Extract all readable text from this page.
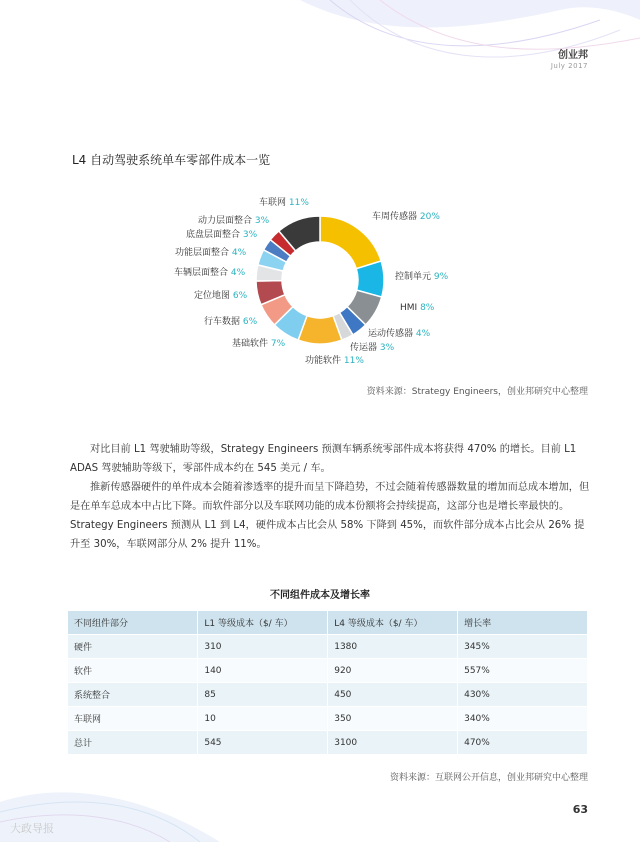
创业邦
July 2017
L4 自动驾驶系统单车零部件成本一览
车周传感器 20%
控制单元 9%
HMI 8%
运动传感器 4%
传运器 3%
功能软件 11%
基础软件 7%
行车数据 6%
定位地图 6%
车辆层面整合 4%
功能层面整合 4%
底盘层面整合 3%
动力层面整合 3%
车联网 11%
资料来源：Strategy Engineers，创业邦研究中心整理

对比目前 L1 驾驶辅助等级，Strategy Engineers 预测车辆系统零部件成本将获得 470% 的增长。目前 L1 ADAS 驾驶辅助等级下，零部件成本约在 545 美元 / 车。

推新传感器硬件的单件成本会随着渗透率的提升而呈下降趋势，不过会随着传感器数量的增加而总成本增加，但是在单车总成本中占比下降。而软件部分以及车联网功能的成本份额将会持续提高，这部分也是增长率最快的。Strategy Engineers 预测从 L1 到 L4，硬件成本占比会从 58% 下降到 45%，而软件部分成本占比会从 26% 提升至 30%，车联网部分从 2% 提升 11%。

不同组件成本及增长率
不同组件部分	L1 等级成本（$/ 车）	L4 等级成本（$/ 车）	增长率
硬件	310	1380	345%
软件	140	920	557%
系统整合	85	450	430%
车联网	10	350	340%
总计	545	3100	470%
资料来源：互联网公开信息，创业邦研究中心整理
63
大政导报
